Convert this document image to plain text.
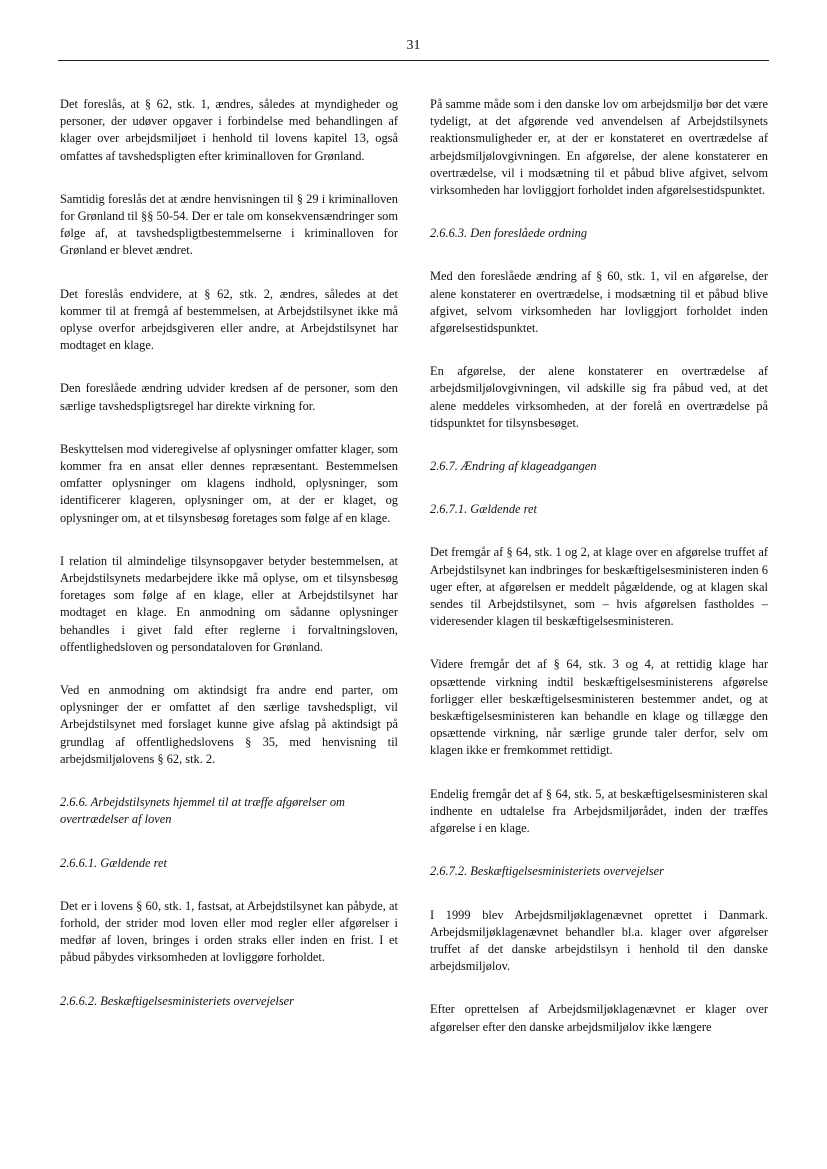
31

Det foreslås, at § 62, stk. 1, ændres, således at myndigheder og personer, der udøver opgaver i forbindelse med behandlingen af klager over arbejdsmiljøet i henhold til lovens kapitel 13, også omfattes af tavshedspligten efter kriminalloven for Grønland.

Samtidig foreslås det at ændre henvisningen til § 29 i kriminalloven for Grønland til §§ 50-54. Der er tale om konsekvensændringer som følge af, at tavshedspligtbestemmelserne i kriminalloven for Grønland er blevet ændret.

Det foreslås endvidere, at § 62, stk. 2, ændres, således at det kommer til at fremgå af bestemmelsen, at Arbejdstilsynet ikke må oplyse overfor arbejdsgiveren eller andre, at Arbejdstilsynet har modtaget en klage.

Den foreslåede ændring udvider kredsen af de personer, som den særlige tavshedspligtsregel har direkte virkning for.

Beskyttelsen mod videregivelse af oplysninger omfatter klager, som kommer fra en ansat eller dennes repræsentant. Bestemmelsen omfatter oplysninger om klagens indhold, oplysninger, som identificerer klageren, oplysninger om, at der er klaget, og oplysninger om, at et tilsynsbesøg foretages som følge af en klage.

I relation til almindelige tilsynsopgaver betyder bestemmelsen, at Arbejdstilsynets medarbejdere ikke må oplyse, om et tilsynsbesøg foretages som følge af en klage, eller at Arbejdstilsynet har modtaget en klage. En anmodning om sådanne oplysninger behandles i givet fald efter reglerne i forvaltningsloven, offentlighedsloven og persondataloven for Grønland.

Ved en anmodning om aktindsigt fra andre end parter, om oplysninger der er omfattet af den særlige tavshedspligt, vil Arbejdstilsynet med forslaget kunne give afslag på aktindsigt på grundlag af offentlighedslovens § 35, med henvisning til arbejdsmiljølovens § 62, stk. 2.

2.6.6. Arbejdstilsynets hjemmel til at træffe afgørelser om overtrædelser af loven
2.6.6.1. Gældende ret

Det er i lovens § 60, stk. 1, fastsat, at Arbejdstilsynet kan påbyde, at forhold, der strider mod loven eller mod regler eller afgørelser i medfør af loven, bringes i orden straks eller inden en frist. I et påbud påbydes virksomheden at lovliggøre forholdet.

2.6.6.2. Beskæftigelsesministeriets overvejelser

På samme måde som i den danske lov om arbejdsmiljø bør det være tydeligt, at det afgørende ved anvendelsen af Arbejdstilsynets reaktionsmuligheder er, at der er konstateret en overtrædelse af arbejdsmiljølovgivningen. En afgørelse, der alene konstaterer en overtrædelse, vil i modsætning til et påbud blive afgivet, selvom virksomheden har lovliggjort forholdet inden afgørelsestidspunktet.

2.6.6.3. Den foreslåede ordning

Med den foreslåede ændring af § 60, stk. 1, vil en afgørelse, der alene konstaterer en overtrædelse, i modsætning til et påbud blive afgivet, selvom virksomheden har lovliggjort forholdet inden afgørelsestidspunktet.

En afgørelse, der alene konstaterer en overtrædelse af arbejdsmiljølovgivningen, vil adskille sig fra påbud ved, at det alene meddeles virksomheden, at der forelå en overtrædelse på tidspunktet for tilsynsbesøget.

2.6.7. Ændring af klageadgangen
2.6.7.1. Gældende ret

Det fremgår af § 64, stk. 1 og 2, at klage over en afgørelse truffet af Arbejdstilsynet kan indbringes for beskæftigelsesministeren inden 6 uger efter, at afgørelsen er meddelt pågældende, og at klagen skal sendes til Arbejdstilsynet, som – hvis afgørelsen fastholdes – videresender klagen til beskæftigelsesministeren.

Videre fremgår det af § 64, stk. 3 og 4, at rettidig klage har opsættende virkning indtil beskæftigelsesministerens afgørelse forligger eller beskæftigelsesministeren bestemmer andet, og at beskæftigelsesministeren kan behandle en klage og tillægge den opsættende virkning, når særlige grunde taler derfor, selv om klagen ikke er fremkommet rettidigt.

Endelig fremgår det af § 64, stk. 5, at beskæftigelsesministeren skal indhente en udtalelse fra Arbejdsmiljørådet, inden der træffes afgørelse i en klage.

2.6.7.2. Beskæftigelsesministeriets overvejelser

I 1999 blev Arbejdsmiljøklagenævnet oprettet i Danmark. Arbejdsmiljøklagenævnet behandler bl.a. klager over afgørelser truffet af det danske arbejdstilsyn i henhold til den danske arbejdsmiljølov.

Efter oprettelsen af Arbejdsmiljøklagenævnet er klager over afgørelser efter den danske arbejdsmiljølov ikke længere
